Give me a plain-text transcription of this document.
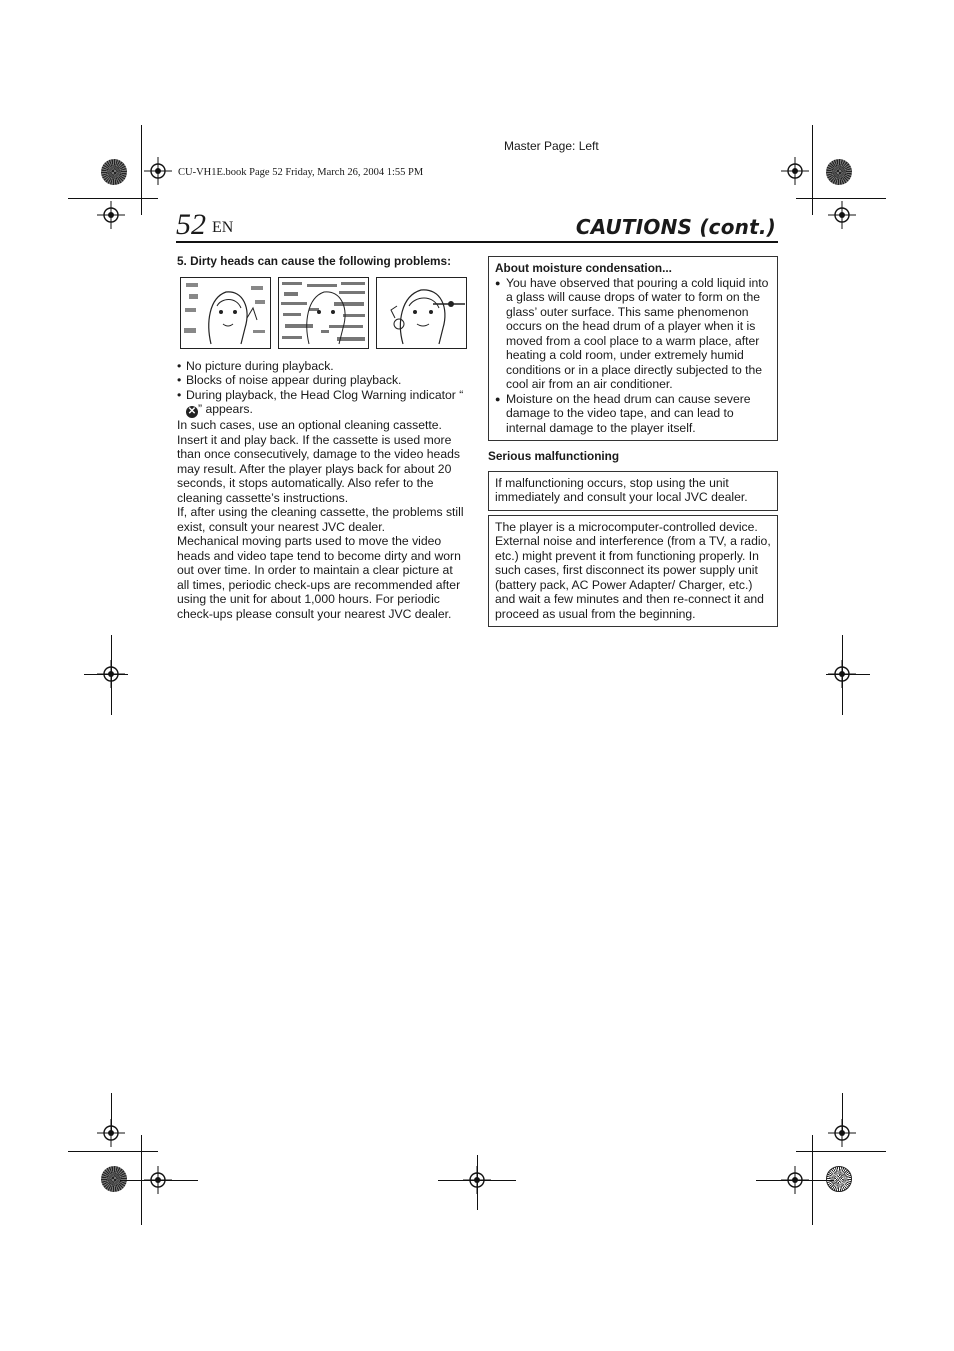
Master Page: Left
CU-VH1E.book Page 52 Friday, March 26, 2004 1:55 PM
52 EN	CAUTIONS (cont.)
5. Dirty heads can cause the following problems:
• No picture during playback.
• Blocks of noise appear during playback.
• During playback, the Head Clog Warning indicator “✕ ” appears.

In such cases, use an optional cleaning cassette. Insert it and play back. If the cassette is used more than once consecutively, damage to the video heads may result. After the player plays back for about 20 seconds, it stops automatically. Also refer to the cleaning cassette’s instructions.

If, after using the cleaning cassette, the problems still exist, consult your nearest JVC dealer.

Mechanical moving parts used to move the video heads and video tape tend to become dirty and worn out over time. In order to maintain a clear picture at all times, periodic check-ups are recommended after using the unit for about 1,000 hours. For periodic check-ups please consult your nearest JVC dealer.

About moisture condensation...
● You have observed that pouring a cold liquid into a glass will cause drops of water to form on the glass’ outer surface. This same phenomenon occurs on the head drum of a player when it is moved from a cool place to a warm place, after heating a cold room, under extremely humid conditions or in a place directly subjected to the cool air from an air conditioner.
● Moisture on the head drum can cause severe damage to the video tape, and can lead to internal damage to the player itself.
Serious malfunctioning
If malfunctioning occurs, stop using the unit immediately and consult your local JVC dealer.
The player is a microcomputer-controlled device. External noise and interference (from a TV, a radio, etc.) might prevent it from functioning properly. In such cases, first disconnect its power supply unit (battery pack, AC Power Adapter/ Charger, etc.) and wait a few minutes and then re-connect it and proceed as usual from the beginning.
